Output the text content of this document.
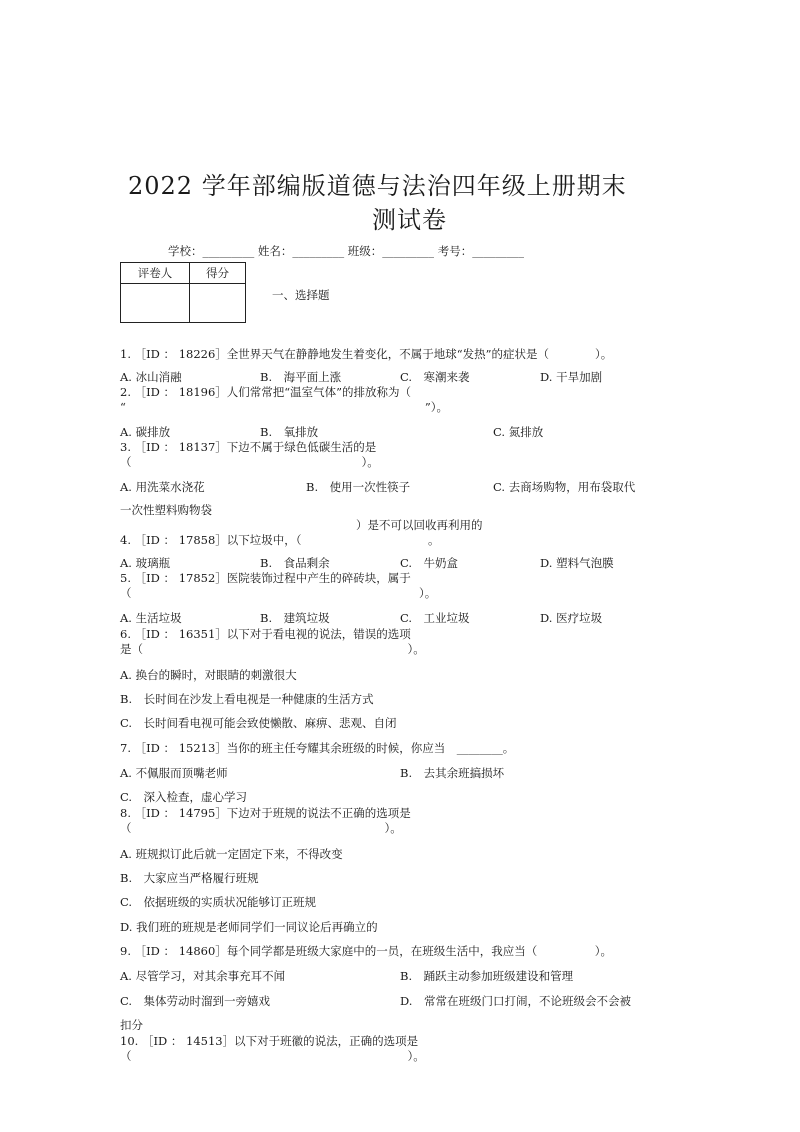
2022 学年部编版道德与法治四年级上册期末
测试卷
学校：_________ 姓名：_________ 班级：_________ 考号：_________
评卷人	得分

一、选择题
1. ［ID ： 18226］全世界天气在静静地发生着变化，不属于地球“发热”的症状是（　　　　）。
A. 冰山消融	B.　海平面上涨	C.　寒潮来袭	D. 干旱加剧
2. ［ID ： 18196］人们常常把“温室气体”的排放称为（
“　　　　　　　　　　　　　　　　　　　　　　　　　　”）。
A. 碳排放	B.　氧排放	C. 氮排放
3. ［ID ： 18137］下边不属于绿色低碳生活的是
（　　　　　　　　　　　　　　　　　　　　）。
A. 用洗菜水浇花	B.　使用一次性筷子	C. 去商场购物，用布袋取代
一次性塑料购物袋
）是不可以回收再利用的
4. ［ID ： 17858］以下垃圾中，（　　　　　　　　　　　。
A. 玻璃瓶	B.　食品剩余	C.　牛奶盒	D. 塑料气泡膜
5. ［ID ： 17852］医院装饰过程中产生的碎砖块，属于
（　　　　　　　　　　　　　　　　　　　　　　　　　）。
A. 生活垃圾	B.　建筑垃圾	C.　工业垃圾	D. 医疗垃圾
6. ［ID ： 16351］以下对于看电视的说法，错误的选项
是（　　　　　　　　　　　　　　　　　　　　　　　）。
A. 换台的瞬时，对眼睛的刺激很大
B.　长时间在沙发上看电视是一种健康的生活方式
C.　长时间看电视可能会致使懒散、麻痹、悲观、自闭
7. ［ID ： 15213］当你的班主任夸耀其余班级的时候，你应当　________。
A. 不佩服而顶嘴老师	B.　去其余班搞损坏
C.　深入检查，虚心学习
8. ［ID ： 14795］下边对于班规的说法不正确的选项是
（　　　　　　　　　　　　　　　　　　　　　　）。
A. 班规拟订此后就一定固定下来，不得改变
B.　大家应当严格履行班规
C.　依据班级的实质状况能够订正班规
D. 我们班的班规是老师同学们一同议论后再确立的
9. ［ID ： 14860］每个同学都是班级大家庭中的一员，在班级生活中，我应当（　　　　　）。
A. 尽管学习，对其余事充耳不闻	B.　踊跃主动参加班级建设和管理
C.　集体劳动时溜到一旁嬉戏	D.　常常在班级门口打闹，不论班级会不会被
扣分
10. ［ID ： 14513］以下对于班徽的说法，正确的选项是
（　　　　　　　　　　　　　　　　　　　　　　　　）。
